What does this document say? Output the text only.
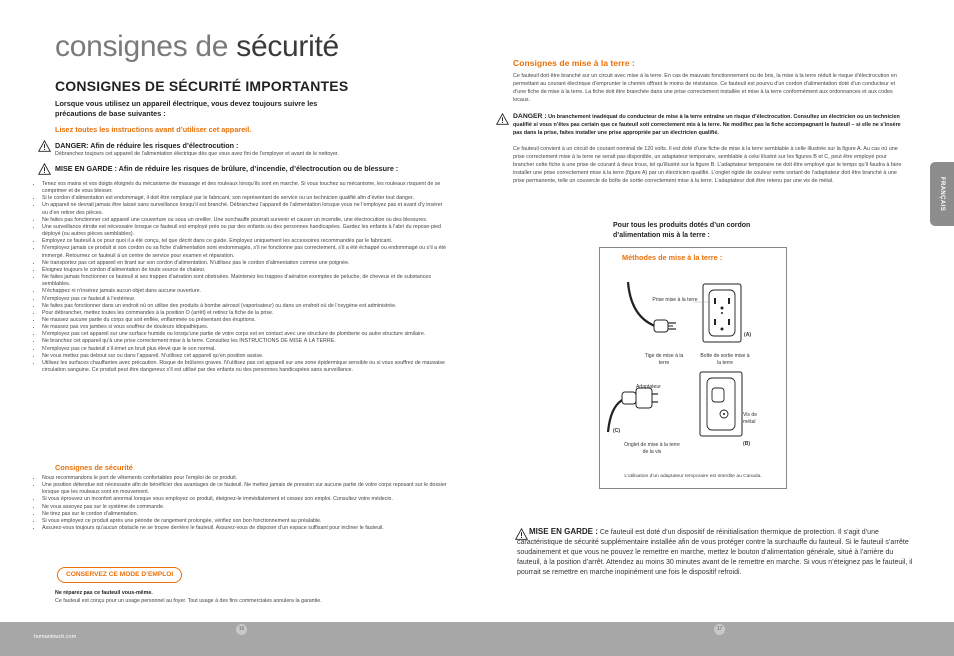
consignes de sécurité
CONSIGNES DE SÉCURITÉ IMPORTANTES
Lorsque vous utilisez un appareil électrique, vous devez toujours suivre les précautions de base suivantes :
Lisez toutes les instructions avant d’utiliser cet appareil.
DANGER: Afin de réduire les risques d’électrocution :
Débranchez toujours cet appareil de l’alimentation électrique dès que vous avez fini de l’employer et avant de le nettoyer.
MISE EN GARDE : Afin de réduire les risques de brûlure, d’incendie, d’électrocution ou de blessure :
• Tenez vos mains et vos doigts éloignés du mécanisme de massage et des rouleaux lorsqu’ils sont en marche. Si vous touchez au mécanisme, les rouleaux risquent de se comprimer et de vous blesser.
• Si le cordon d’alimentation est endommagé, il doit être remplacé par le fabricant, son représentant de service ou un technicien qualifié afin d’éviter tout danger.
• Un appareil ne devrait jamais être laissé sans surveillance lorsqu’il est branché. Débranchez l’appareil de l’alimentation lorsque vous ne l’employez pas et avant d’y insérer ou d’en retirer des pièces.
• Ne faites pas fonctionner cet appareil une couverture ou sous un oreiller. Une surchauffe pourrait survenir et causer un incendie, une électrocution ou des blessures.
• Une surveillance étroite est nécessaire lorsque ce fauteuil est employé près ou par des enfants ou des personnes handicapées. Gardez les enfants à l’abri du repose-pied déployé (ou autres pièces semblables).
• Employez ce fauteuil à ce pour quoi il a été conçu, tel que décrit dans ce guide. Employez uniquement les accessoires recommandés par le fabricant.
• N’employez jamais ce produit si son cordon ou sa fiche d’alimentation sont endommagés, s’il ne fonctionne pas correctement, s’il a été échappé ou endommagé ou s’il a été immergé. Retournez ce fauteuil à un centre de service pour examen et réparation.
• Ne transportez pas cet appareil en tirant sur son cordon d’alimentation. N’utilisez pas le cordon d’alimentation comme une poignée.
• Éloignez toujours le cordon d’alimentation de toute source de chaleur.
• Ne faites jamais fonctionner ce fauteuil si ses trappes d’aération sont obstruées. Maintenez les trappes d’aération exemptes de peluche, de cheveux et de substances semblables.
• N’échappez ni n’insérez jamais aucun objet dans aucune ouverture.
• N’employez pas ce fauteuil à l’extérieur.
• Ne faites pas fonctionner dans un endroit où on utilise des produits à bombe aérosol (vaporisateur) ou dans un endroit où de l’oxygène est administrée.
• Pour débrancher, mettez toutes les commandes à la position O (arrêt) et retirez la fiche de la prise.
• Ne massez aucune partie du corps qui soit enflée, enflammée ou présentant des éruptions.
• Ne massez pas vos jambes si vous souffrez de douleurs idiopathiques.
• N’employez pas cet appareil sur une surface humide ou lorsqu’une partie de votre corps est en contact avec une structure de plomberie ou autre structure similaire.
• Ne branchez cet appareil qu’à une prise correctement mise à la terre. Consultez les INSTRUCTIONS DE MISE À LA TERRE.
• N’employez pas ce fauteuil s’il émet un bruit plus élevé que le son normal.
• Ne vous mettez pas debout sur ou dans l’appareil. N’utilisez cet appareil qu’en position assise.
• Utilisez les surfaces chauffantes avec précaution. Risque de brûlures graves. N’utilisez pas cet appareil sur une zone épidermique sensible ou si vous souffrez de mauvaise circulation sanguine. Ce produit peut être dangereux s’il est utilisé par des enfants ou des personnes handicapées sans surveillance.
Consignes de sécurité
• Nous recommandons le port de vêtements confortables pour l’emploi de ce produit.
• Une position détendue est nécessaire afin de bénéficier des avantages de ce fauteuil. Ne mettez jamais de pression sur aucune partie de votre corps reposant sur le dossier lorsque que les rouleaux sont en mouvement.
• Si vous éprouvez un inconfort anormal lorsque vous employez ce produit, éteignez-le immédiatement et cessez son emploi. Consultez votre médecin.
• Ne vous assoyez pas sur le système de commande.
• Ne tirez pas sur le cordon d’alimentation.
• Si vous employez ce produit après une période de rangement prolongée, vérifiez son bon fonctionnement au préalable.
• Assurez-vous toujours qu’aucun obstacle ne se trouve derrière le fauteuil. Assurez-vous de disposer d’un espace suffisant pour incliner le fauteuil.
CONSERVEZ CE MODE D’EMPLOI
Ne réparez pas ce fauteuil vous-même.
Ce fauteuil est conçu pour un usage personnel au foyer. Tout usage à des fins commerciales annulera la garantie.
Consignes de mise à la terre :
Ce fauteuil doit être branché sur un circuit avec mise à la terre. En cas de mauvais fonctionnement ou de bris, la mise à la terre réduit le risque d’électrocution en permettant au courant électrique d’emprunter le chemin offrant le moins de résistance. Ce fauteuil est pourvu d’un cordon d’alimentation doté d’un conducteur et d’une fiche de mise à la terre. La fiche doit être branchée dans une prise correctement installée et mise à la terre conformément aux ordonnances et aux codes locaux.
DANGER : Un branchement inadéquat du conducteur de mise à la terre entraîne un risque d’électrocution. Consultez un électricien ou un technicien qualifié si vous n’êtes pas certain que ce fauteuil soit correctement mis à la terre. Ne modifiez pas la fiche accompagnant le fauteuil – si elle ne s’insère pas dans la prise, faites installer une prise appropriée par un électricien qualifié.
Ce fauteuil convient à un circuit de courant nominal de 120 volts. Il est doté d’une fiche de mise à la terre semblable à celle illustrée sur la figure A. Au cas où une prise correctement mise à la terre ne serait pas disponible, un adaptateur temporaire, semblable à celui illustré sur les figures B et C, peut être employé pour brancher cette fiche à une prise de courant à deux trous, tel qu’illustré sur la figure B. L’adaptateur temporaire ne doit être employé que le temps qu’il faudra à faire installer une prise correctement mise à la terre (figure A) par un électricien qualifié. L’onglet rigide de couleur verte sortant de l’adaptateur doit être branché à une prise permanente, telle un couvercle de boîte de sortie correctement mise à la terre. L’adaptateur doit être retenu par une vis de métal.
Pour tous les produits dotés d’un cordon d’alimentation mis à la terre :
Méthodes de mise à la terre :
Prise mise à la terre
Tige de mise à la terre
Boîte de sortie mise à la terre
(A)
Adaptateur
(C)
Onglet de mise à la terre de la vis
Vis de métal
(B)
L’utilisation d’un adaptateur temporaire est interdite au Canada.
MISE EN GARDE : Ce fauteuil est doté d’un dispositif de réinitialisation thermique de protection. Il s’agit d’une caractéristique de sécurité supplémentaire installée afin de vous protéger contre la surchauffe du fauteuil. Si le fauteuil s’arrête soudainement et que vous ne pouvez le remettre en marche, mettez le bouton d’alimentation générale, situé à l’arrière du fauteuil, à la position d’arrêt. Attendez au moins 30 minutes avant de le remettre en marche. Si vous n’éteignez pas le fauteuil, il pourrait se remettre en marche inopinément une fois le dispositif refroidi.
FRANÇAIS
humantouch.com
16	17
